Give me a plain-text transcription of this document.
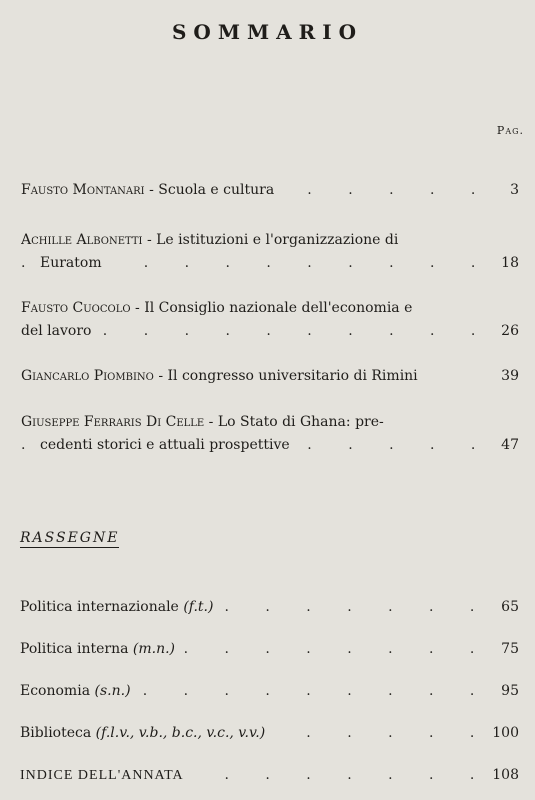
SOMMARIO
Pag.
Fausto Montanari - Scuola e cultura . . .	3
Achille Albonetti - Le istituzioni e l'organizzazione di
Euratom . . .	18
Fausto Cuocolo - Il Consiglio nazionale dell'economia e
del lavoro . . .	26
Giancarlo Piombino - Il congresso universitario di Rimini	39
Giuseppe Ferraris Di Celle - Lo Stato di Ghana: pre-
cedenti storici e attuali prospettive . . .	47
RASSEGNE
Politica internazionale (f.t.) . . .	65
Politica interna (m.n.) . . .	75
Economia (s.n.) . . .	95
Biblioteca (f.l.v., v.b., b.c., v.c., v.v.) . . .	100
INDICE DELL'ANNATA . . .	108
